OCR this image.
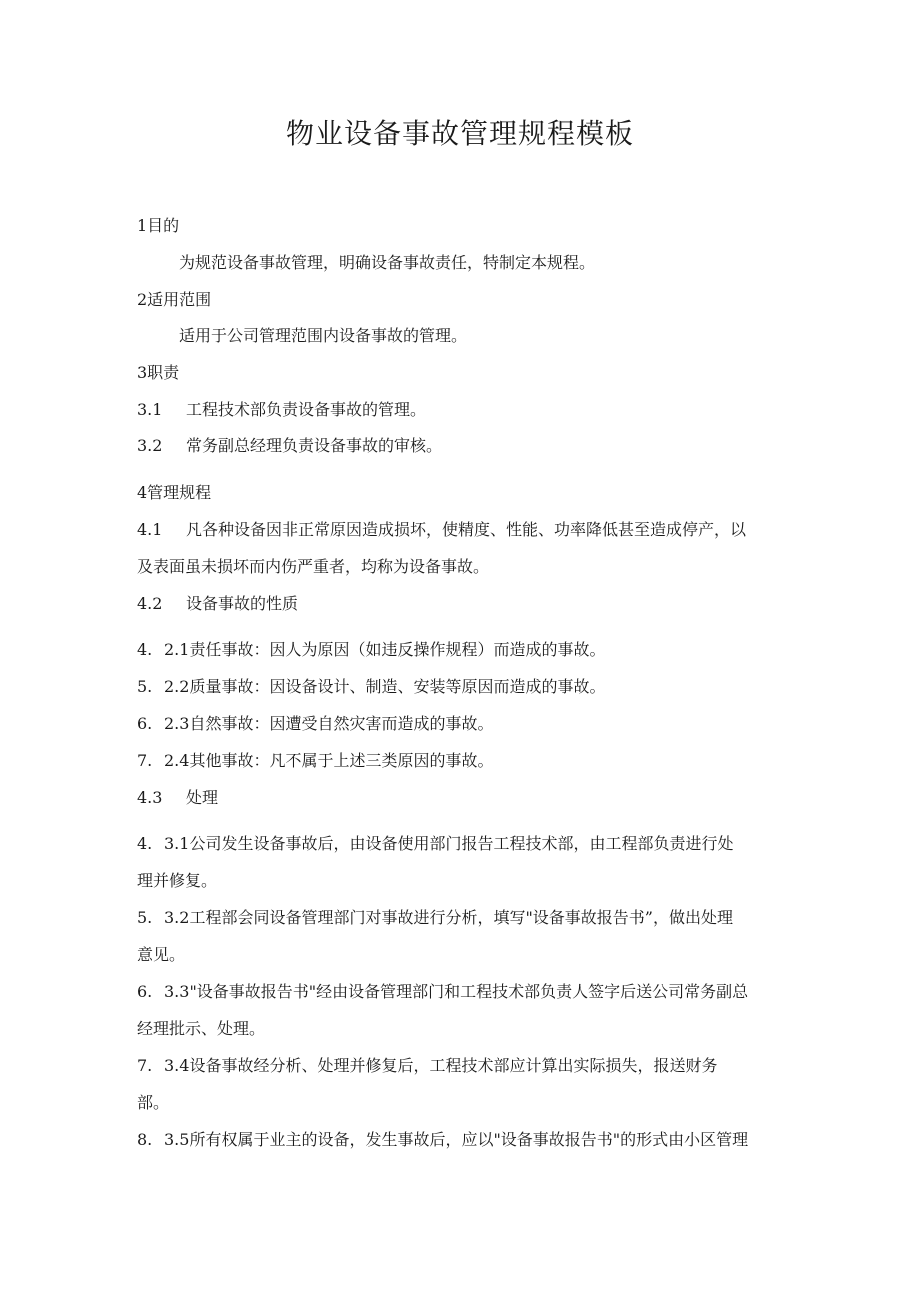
物业设备事故管理规程模板
1目的
为规范设备事故管理，明确设备事故责任，特制定本规程。
2适用范围
适用于公司管理范围内设备事故的管理。
3职责
3.1 工程技术部负责设备事故的管理。
3.2 常务副总经理负责设备事故的审核。
4管理规程
4.1 凡各种设备因非正常原因造成损坏，使精度、性能、功率降低甚至造成停产，以
及表面虽未损坏而内伤严重者，均称为设备事故。
4.2 设备事故的性质
4. 2.1责任事故：因人为原因（如违反操作规程）而造成的事故。
5. 2.2质量事故：因设备设计、制造、安装等原因而造成的事故。
6. 2.3自然事故：因遭受自然灾害而造成的事故。
7. 2.4其他事故：凡不属于上述三类原因的事故。
4.3 处理
4. 3.1公司发生设备事故后，由设备使用部门报告工程技术部，由工程部负责进行处
理并修复。
5. 3.2工程部会同设备管理部门对事故进行分析，填写"设备事故报告书”，做出处理
意见。
6. 3.3"设备事故报告书"经由设备管理部门和工程技术部负责人签字后送公司常务副总
经理批示、处理。
7. 3.4设备事故经分析、处理并修复后，工程技术部应计算出实际损失，报送财务
部。
8. 3.5所有权属于业主的设备，发生事故后，应以"设备事故报告书"的形式由小区管理
